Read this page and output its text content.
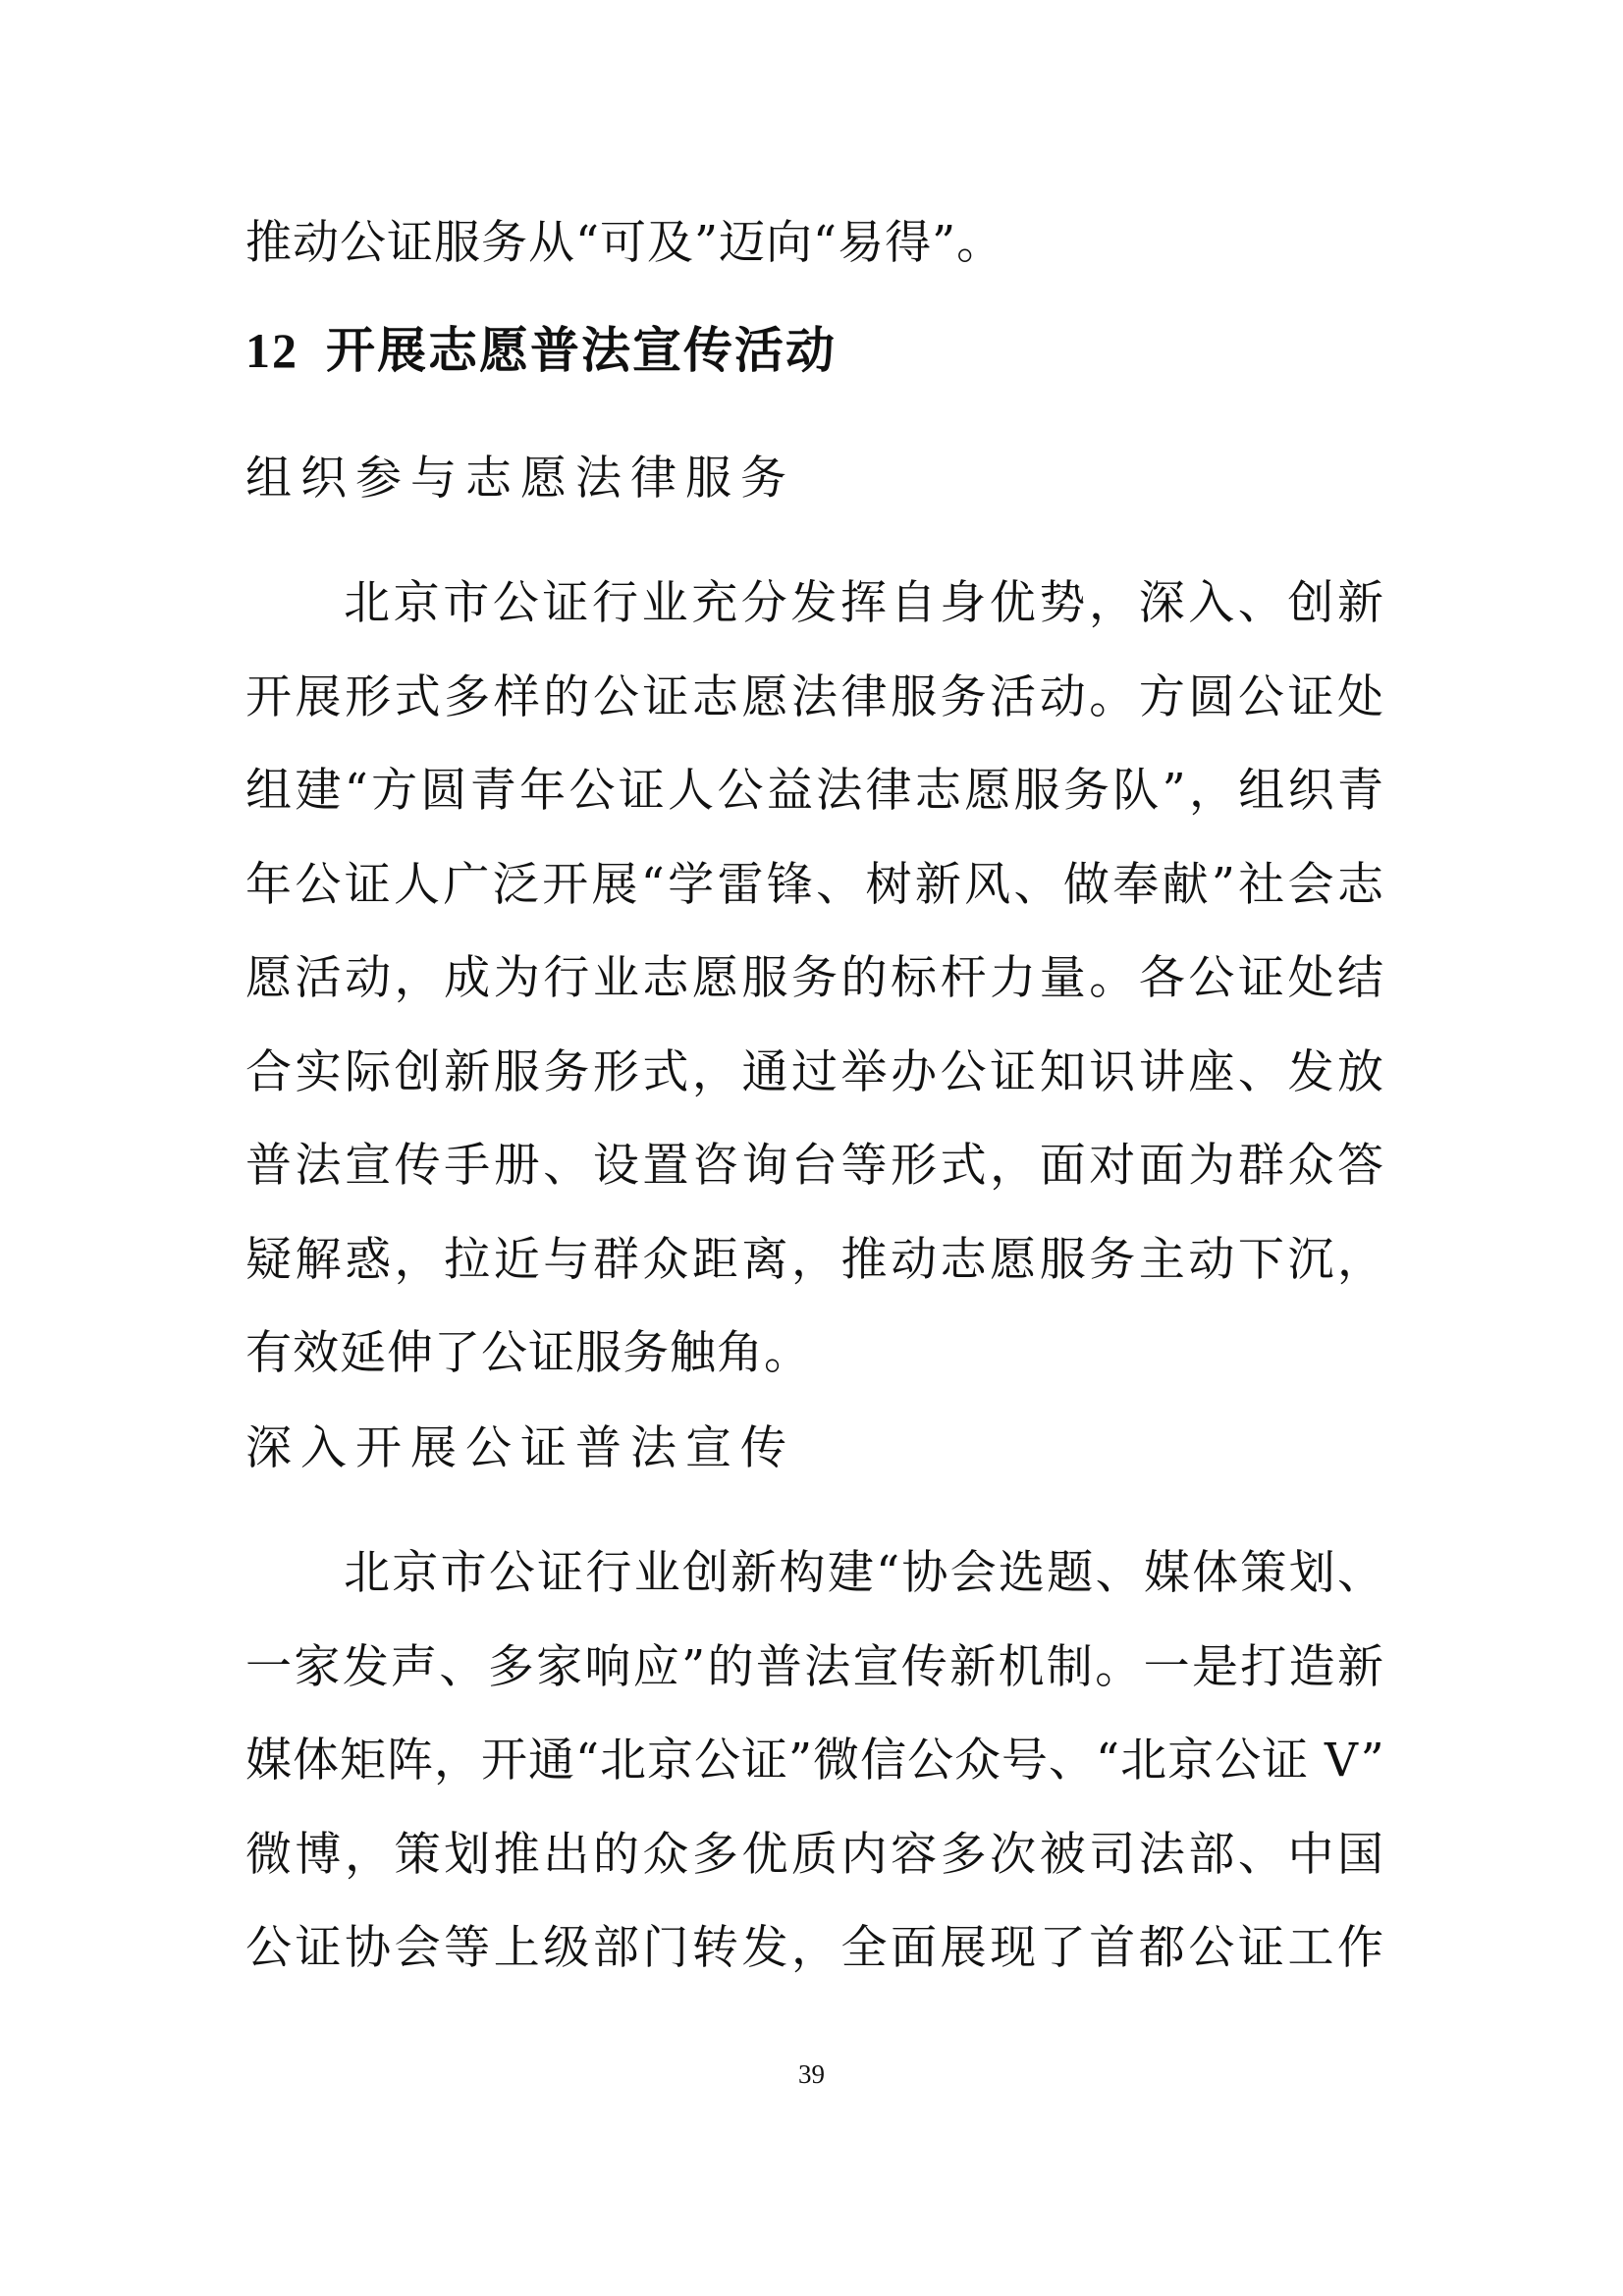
推动公证服务从“可及”迈向“易得”。

12 开展志愿普法宣传活动
组织参与志愿法律服务

北京市公证行业充分发挥自身优势，深入、创新

开展形式多样的公证志愿法律服务活动。方圆公证处

组建“方圆青年公证人公益法律志愿服务队”，组织青

年公证人广泛开展“学雷锋、树新风、做奉献”社会志

愿活动，成为行业志愿服务的标杆力量。各公证处结

合实际创新服务形式，通过举办公证知识讲座、发放

普法宣传手册、设置咨询台等形式，面对面为群众答

疑解惑，拉近与群众距离，推动志愿服务主动下沉，

有效延伸了公证服务触角。

深入开展公证普法宣传

北京市公证行业创新构建“协会选题、媒体策划、

一家发声、多家响应”的普法宣传新机制。一是打造新

媒体矩阵，开通“北京公证”微信公众号、“北京公证 V”

微博，策划推出的众多优质内容多次被司法部、中国

公证协会等上级部门转发，全面展现了首都公证工作

39
